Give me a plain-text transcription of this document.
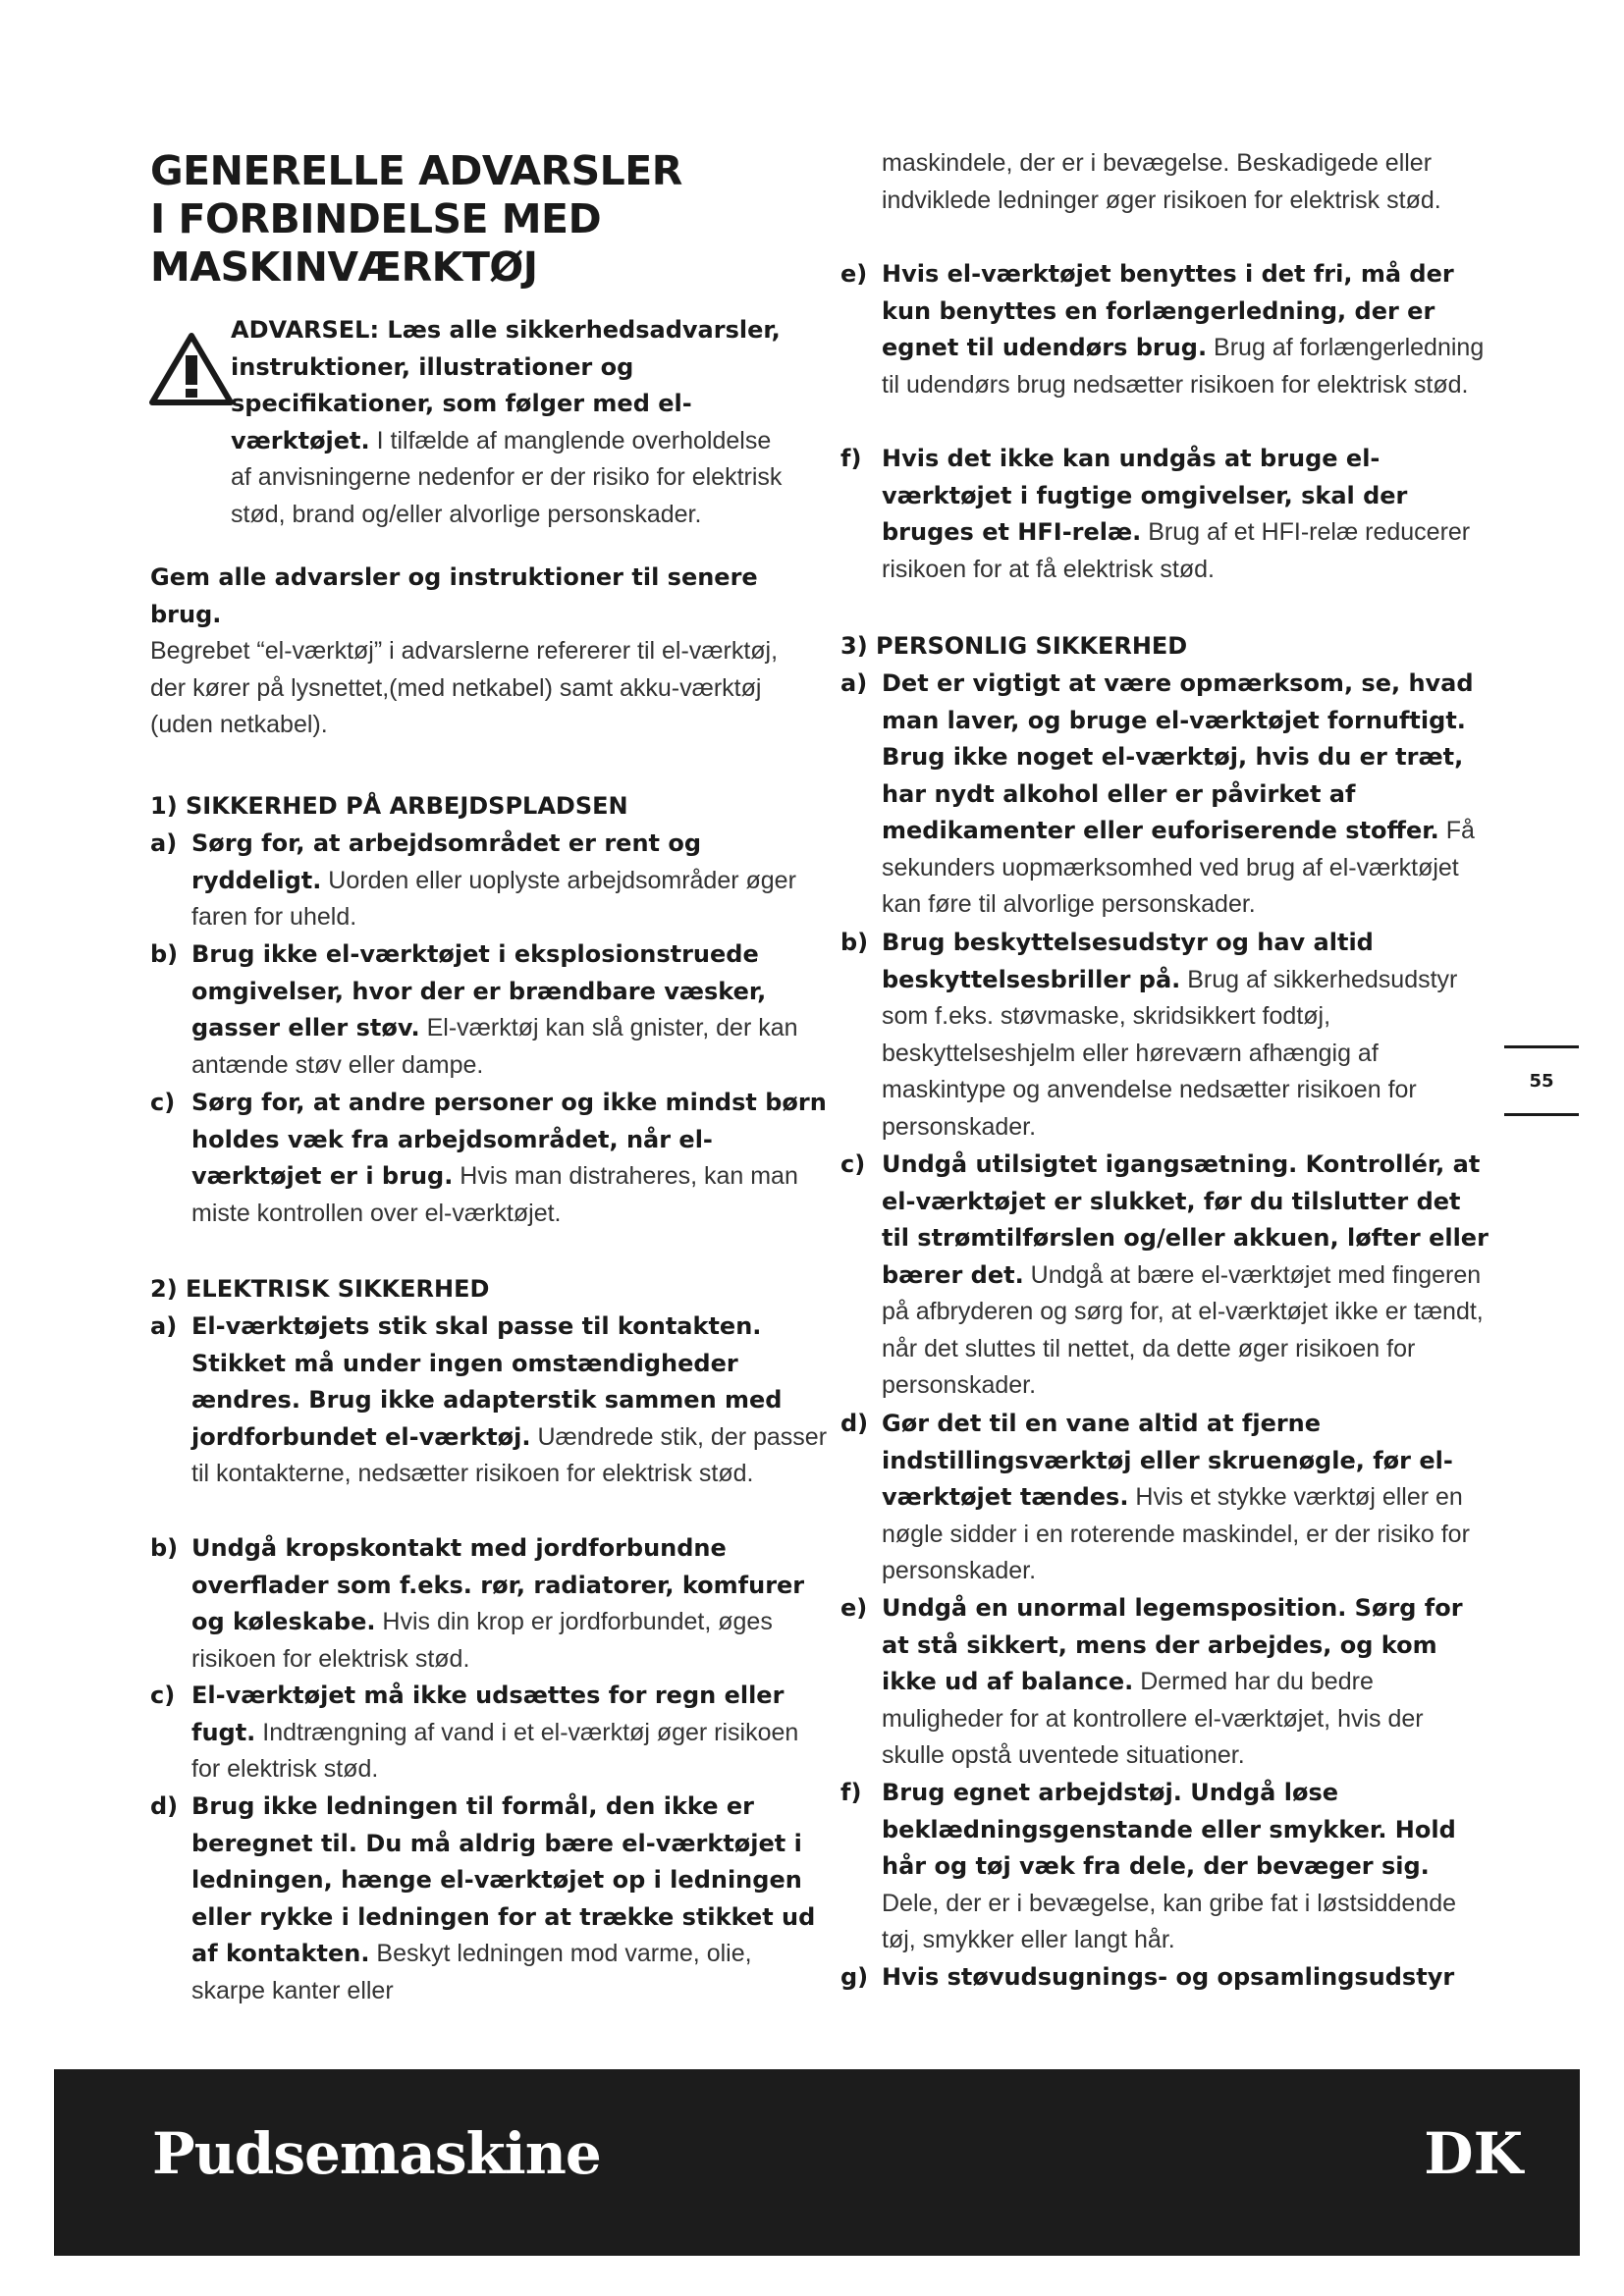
GENERELLE ADVARSLER
I FORBINDELSE MED
MASKINVÆRKTØJ
ADVARSEL: Læs alle sikkerhedsadvarsler, instruktioner, illustrationer og specifikationer, som følger med el-værktøjet. I tilfælde af manglende overholdelse af anvisningerne nedenfor er der risiko for elektrisk stød, brand og/eller alvorlige personskader.
Gem alle advarsler og instruktioner til senere brug.
Begrebet “el-værktøj” i advarslerne refererer til el-værktøj, der kører på lysnettet,(med netkabel) samt akku-værktøj (uden netkabel).
1) SIKKERHED PÅ ARBEJDSPLADSEN
a) Sørg for, at arbejdsområdet er rent og ryddeligt. Uorden eller uoplyste arbejdsområder øger faren for uheld.
b) Brug ikke el-værktøjet i eksplosionstruede omgivelser, hvor der er brændbare væsker, gasser eller støv. El-værktøj kan slå gnister, der kan antænde støv eller dampe.
c) Sørg for, at andre personer og ikke mindst børn holdes væk fra arbejdsområdet, når el-værktøjet er i brug. Hvis man distraheres, kan man miste kontrollen over el-værktøjet.
2) ELEKTRISK SIKKERHED
a) El-værktøjets stik skal passe til kontakten. Stikket må under ingen omstændigheder ændres. Brug ikke adapterstik sammen med jordforbundet el-værktøj. Uændrede stik, der passer til kontakterne, nedsætter risikoen for elektrisk stød.
b) Undgå kropskontakt med jordforbundne overflader som f.eks. rør, radiatorer, komfurer og køleskabe. Hvis din krop er jordforbundet, øges risikoen for elektrisk stød.
c) El-værktøjet må ikke udsættes for regn eller fugt. Indtrængning af vand i et el-værktøj øger risikoen for elektrisk stød.
d) Brug ikke ledningen til formål, den ikke er beregnet til. Du må aldrig bære el-værktøjet i ledningen, hænge el-værktøjet op i ledningen eller rykke i ledningen for at trække stikket ud af kontakten. Beskyt ledningen mod varme, olie, skarpe kanter eller
maskindele, der er i bevægelse. Beskadigede eller indviklede ledninger øger risikoen for elektrisk stød.
e) Hvis el-værktøjet benyttes i det fri, må der kun benyttes en forlængerledning, der er egnet til udendørs brug. Brug af forlængerledning til udendørs brug nedsætter risikoen for elektrisk stød.
f) Hvis det ikke kan undgås at bruge el-værktøjet i fugtige omgivelser, skal der bruges et HFI-relæ. Brug af et HFI-relæ reducerer risikoen for at få elektrisk stød.
3) PERSONLIG SIKKERHED
a) Det er vigtigt at være opmærksom, se, hvad man laver, og bruge el-værktøjet fornuftigt. Brug ikke noget el-værktøj, hvis du er træt, har nydt alkohol eller er påvirket af medikamenter eller euforiserende stoffer. Få sekunders uopmærksomhed ved brug af el-værktøjet kan føre til alvorlige personskader.
b) Brug beskyttelsesudstyr og hav altid beskyttelsesbriller på. Brug af sikkerhedsudstyr som f.eks. støvmaske, skridsikkert fodtøj, beskyttelseshjelm eller høreværn afhængig af maskintype og anvendelse nedsætter risikoen for personskader.
c) Undgå utilsigtet igangsætning. Kontrollér, at el-værktøjet er slukket, før du tilslutter det til strømtilførslen og/eller akkuen, løfter eller bærer det. Undgå at bære el-værktøjet med fingeren på afbryderen og sørg for, at el-værktøjet ikke er tændt, når det sluttes til nettet, da dette øger risikoen for personskader.
d) Gør det til en vane altid at fjerne indstillingsværktøj eller skruenøgle, før el-værktøjet tændes. Hvis et stykke værktøj eller en nøgle sidder i en roterende maskindel, er der risiko for personskader.
e) Undgå en unormal legemsposition. Sørg for at stå sikkert, mens der arbejdes, og kom ikke ud af balance. Dermed har du bedre muligheder for at kontrollere el-værktøjet, hvis der skulle opstå uventede situationer.
f) Brug egnet arbejdstøj. Undgå løse beklædningsgenstande eller smykker. Hold hår og tøj væk fra dele, der bevæger sig. Dele, der er i bevægelse, kan gribe fat i løstsiddende tøj, smykker eller langt hår.
g) Hvis støvudsugnings- og opsamlingsudstyr
55
Pudsemaskine	DK
